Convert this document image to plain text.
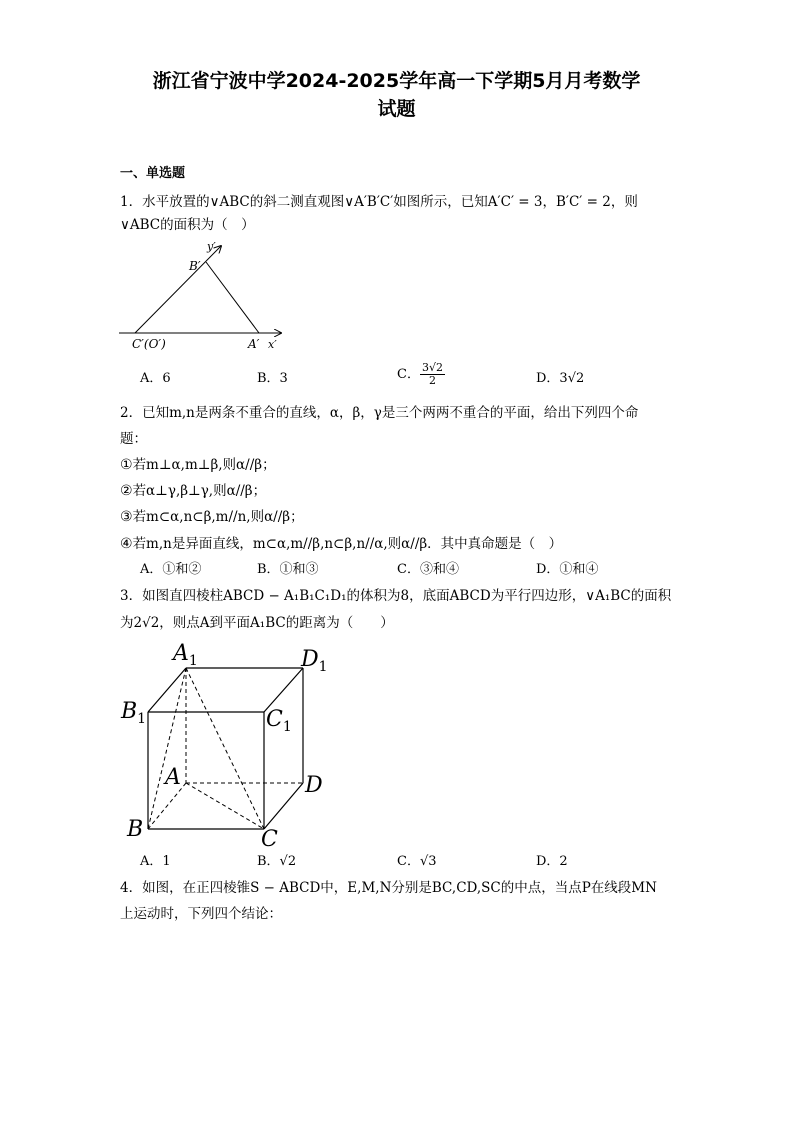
浙江省宁波中学2024-2025学年高一下学期5月月考数学
试题
一、单选题
1．水平放置的∨ABC的斜二测直观图∨A′B′C′如图所示，已知A′C′ = 3，B′C′ = 2，则
∨ABC的面积为（　）
y′
B′
C′(O′)	A′ x′
A．6	B．3	C． $\frac{3√2}{2}$	D．3√2
2．已知m,n是两条不重合的直线，α，β，γ是三个两两不重合的平面，给出下列四个命
题：
①若m⊥α,m⊥β,则α//β；
②若α⊥γ,β⊥γ,则α//β；
③若m⊂α,n⊂β,m//n,则α//β；
④若m,n是异面直线，m⊂α,m//β,n⊂β,n//α,则α//β．其中真命题是（　）
A．①和②	B．①和③	C．③和④	D．①和④
3．如图直四棱柱ABCD − A₁B₁C₁D₁的体积为8，底面ABCD为平行四边形，∨A₁BC的面积
为2√2，则点A到平面A₁BC的距离为（　　）
$A_1$	$D_1$
$B_1$	$C_1$
A	D
B	C
A．1	B．√2	C．√3	D．2
4．如图，在正四棱锥S − ABCD中，E,M,N分别是BC,CD,SC的中点，当点P在线段MN
上运动时，下列四个结论：
